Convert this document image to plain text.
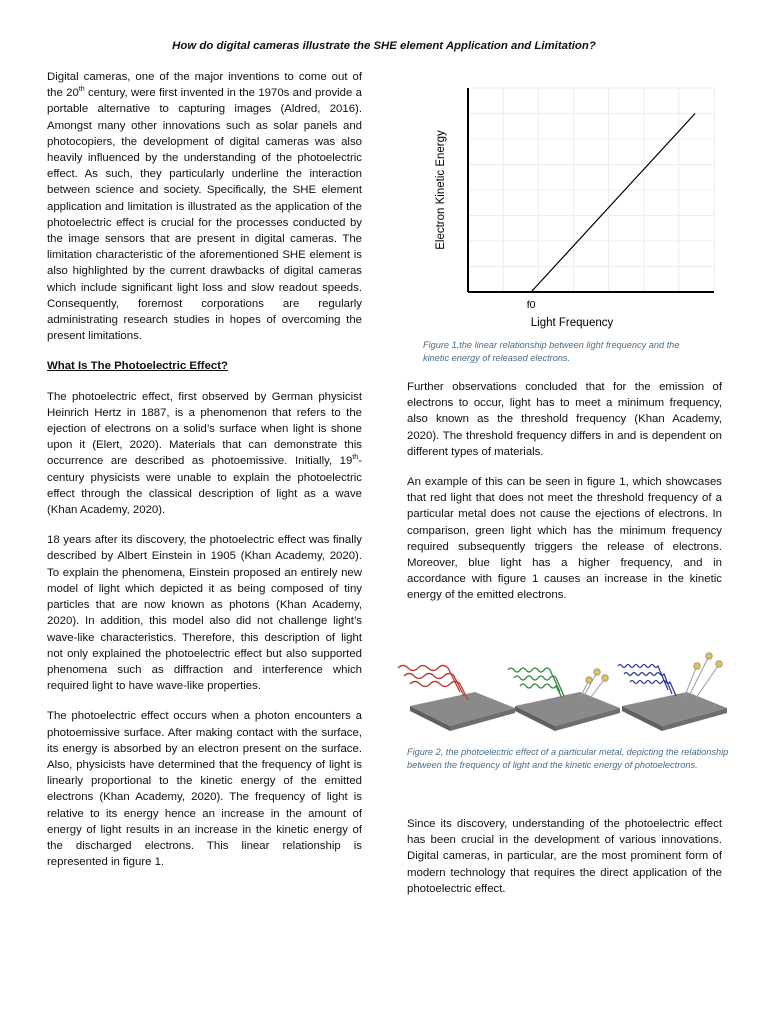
How do digital cameras illustrate the SHE element Application and Limitation?

Digital cameras, one of the major inventions to come out of the 20th century, were first invented in the 1970s and provide a portable alternative to capturing images (Aldred, 2016). Amongst many other innovations such as solar panels and photocopiers, the development of digital cameras was also heavily influenced by the understanding of the photoelectric effect. As such, they particularly underline the interaction between science and society. Specifically, the SHE element application and limitation is illustrated as the application of the photoelectric effect is crucial for the processes conducted by the image sensors that are present in digital cameras. The limitation characteristic of the aforementioned SHE element is also highlighted by the current drawbacks of digital cameras which include significant light loss and slow readout speeds. Consequently, foremost corporations are regularly administrating research studies in hopes of overcoming the present limitations.

What Is The Photoelectric Effect?

The photoelectric effect, first observed by German physicist Heinrich Hertz in 1887, is a phenomenon that refers to the ejection of electrons on a solid’s surface when light is shone upon it (Elert, 2020). Materials that can demonstrate this occurrence are described as photoemissive. Initially, 19th-century physicists were unable to explain the photoelectric effect through the classical description of light as a wave (Khan Academy, 2020).

18 years after its discovery, the photoelectric effect was finally described by Albert Einstein in 1905 (Khan Academy, 2020). To explain the phenomena, Einstein proposed an entirely new model of light which depicted it as being composed of tiny particles that are now known as photons (Khan Academy, 2020). In addition, this model also did not challenge light’s wave-like characteristics. Therefore, this description of light not only explained the photoelectric effect but also supported phenomena such as diffraction and interference which required light to have wave-like properties.

The photoelectric effect occurs when a photon encounters a photoemissive surface. After making contact with the surface, its energy is absorbed by an electron present on the surface. Also, physicists have determined that the frequency of light is linearly proportional to the kinetic energy of the emitted electrons (Khan Academy, 2020). The frequency of light is relative to its energy hence an increase in the amount of energy of light results in an increase in the kinetic energy of the discharged electrons. This linear relationship is represented in figure 1.

f0
Light Frequency
Electron Kinetic Energy
Figure 1,the linear relationship between light frequency and the kinetic energy of released electrons.

Further observations concluded that for the emission of electrons to occur, light has to meet a minimum frequency, also known as the threshold frequency (Khan Academy, 2020). The threshold frequency differs in and is dependent on different types of materials.

An example of this can be seen in figure 1, which showcases that red light that does not meet the threshold frequency of a particular metal does not cause the ejections of electrons. In comparison, green light which has the minimum frequency required subsequently triggers the release of electrons. Moreover, blue light has a higher frequency, and in accordance with figure 1 causes an increase in the kinetic energy of the emitted electrons.

Figure 2, the photoelectric effect of a particular metal, depicting the relationship between the frequency of light and the kinetic energy of photoelectrons.

Since its discovery, understanding of the photoelectric effect has been crucial in the development of various innovations. Digital cameras, in particular, are the most prominent form of modern technology that requires the direct application of the photoelectric effect.
